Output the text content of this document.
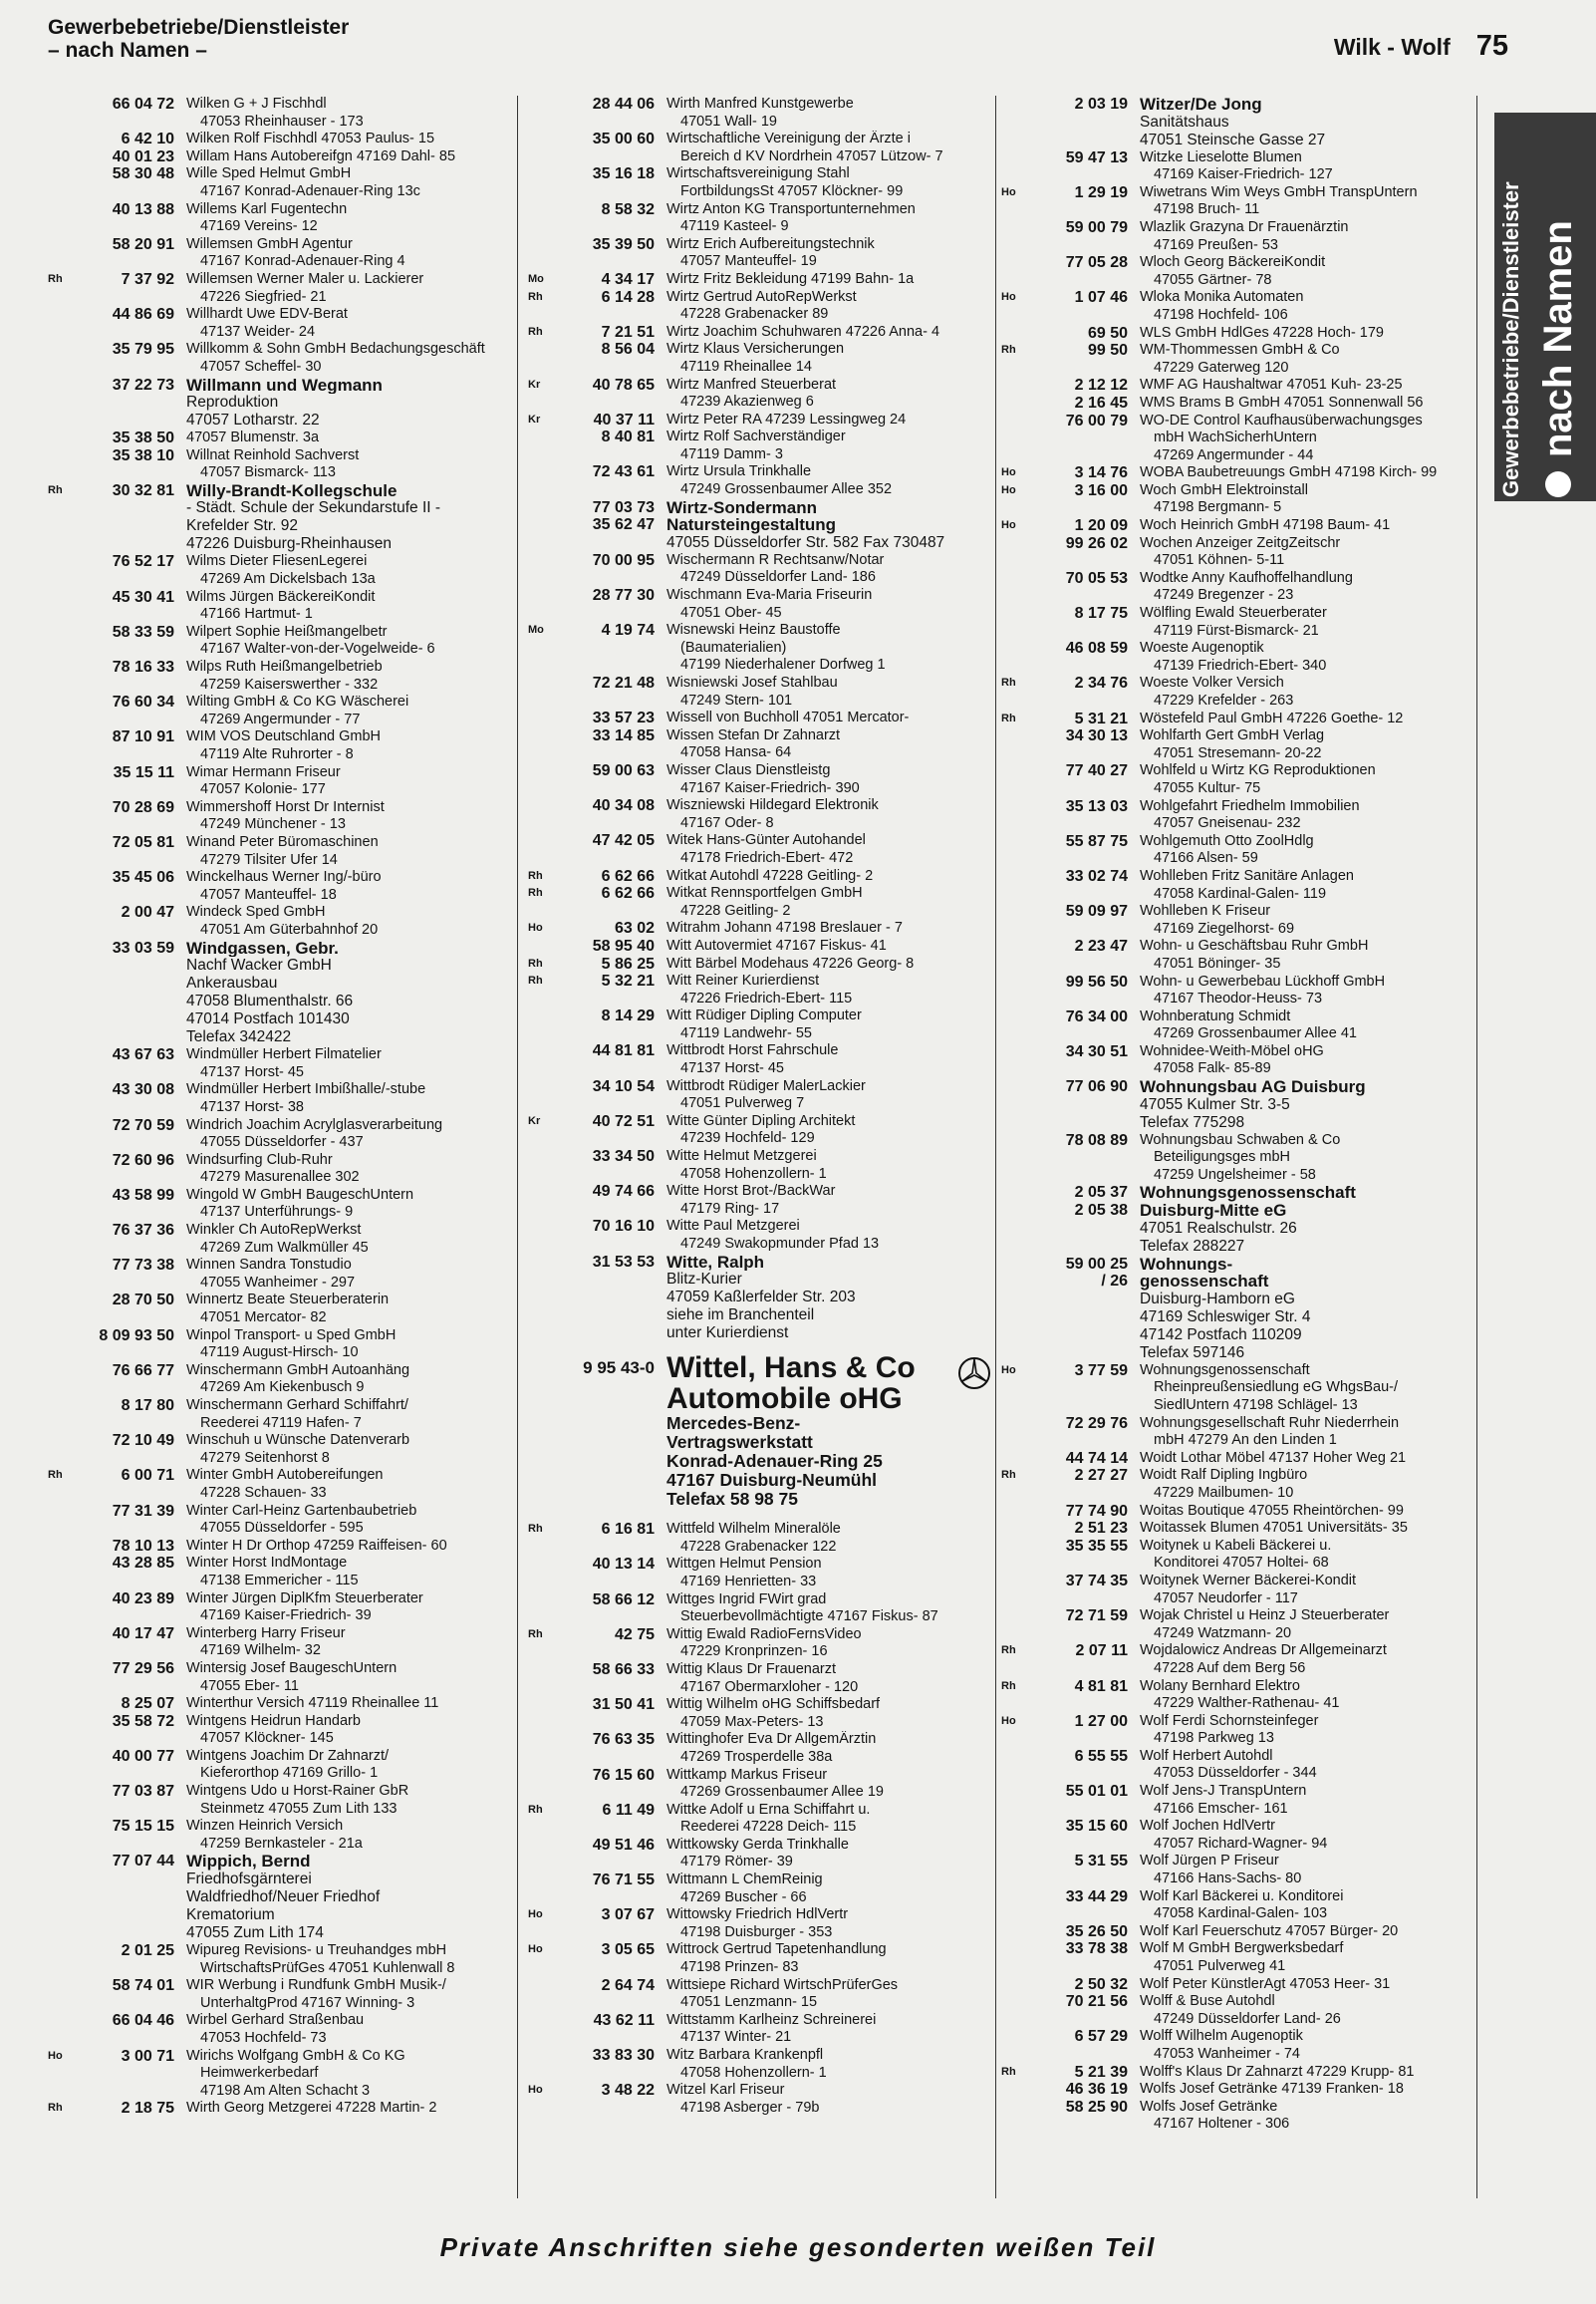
Gewerbebetriebe/Dienstleister
– nach Namen –	Wilk - Wolf 75
66 04 72 Wilken G + J Fischhdl
47053 Rheinhauser - 173
6 42 10 Wilken Rolf Fischhdl 47053 Paulus- 15
40 01 23 Willam Hans Autobereifgn 47169 Dahl- 85
58 30 48 Wille Sped Helmut GmbH
47167 Konrad-Adenauer-Ring 13c
40 13 88 Willems Karl Fugentechn
47169 Vereins- 12
58 20 91 Willemsen GmbH Agentur
47167 Konrad-Adenauer-Ring 4
Rh	7 37 92 Willemsen Werner Maler u. Lackierer
47226 Siegfried- 21
44 86 69 Willhardt Uwe EDV-Berat
47137 Weider- 24
35 79 95 Willkomm & Sohn GmbH Bedachungsgeschäft
47057 Scheffel- 30
37 22 73 Willmann und Wegmann
Reproduktion
47057 Lotharstr. 22
35 38 50 47057 Blumenstr. 3a
35 38 10 Willnat Reinhold Sachverst
47057 Bismarck- 113
Rh	30 32 81 Willy-Brandt-Kollegschule
- Städt. Schule der Sekundarstufe II -
Krefelder Str. 92
47226 Duisburg-Rheinhausen
76 52 17 Wilms Dieter FliesenLegerei
47269 Am Dickelsbach 13a
45 30 41 Wilms Jürgen BäckereiKondit
47166 Hartmut- 1
58 33 59 Wilpert Sophie Heißmangelbetr
47167 Walter-von-der-Vogelweide- 6
78 16 33 Wilps Ruth Heißmangelbetrieb
47259 Kaiserswerther - 332
76 60 34 Wilting GmbH & Co KG Wäscherei
47269 Angermunder - 77
87 10 91 WIM VOS Deutschland GmbH
47119 Alte Ruhrorter - 8
35 15 11 Wimar Hermann Friseur
47057 Kolonie- 177
70 28 69 Wimmershoff Horst Dr Internist
47249 Münchener - 13
72 05 81 Winand Peter Büromaschinen
47279 Tilsiter Ufer 14
35 45 06 Winckelhaus Werner Ing/-büro
47057 Manteuffel- 18
2 00 47 Windeck Sped GmbH
47051 Am Güterbahnhof 20
33 03 59 Windgassen, Gebr.
Nachf Wacker GmbH
Ankerausbau
47058 Blumenthalstr. 66
47014 Postfach 101430
Telefax 342422
43 67 63 Windmüller Herbert Filmatelier
47137 Horst- 45
43 30 08 Windmüller Herbert Imbißhalle/-stube
47137 Horst- 38
72 70 59 Windrich Joachim Acrylglasverarbeitung
47055 Düsseldorfer - 437
72 60 96 Windsurfing Club-Ruhr
47279 Masurenallee 302
43 58 99 Wingold W GmbH BaugeschUntern
47137 Unterführungs- 9
76 37 36 Winkler Ch AutoRepWerkst
47269 Zum Walkmüller 45
77 73 38 Winnen Sandra Tonstudio
47055 Wanheimer - 297
28 70 50 Winnertz Beate Steuerberaterin
47051 Mercator- 82
8 09 93 50 Winpol Transport- u Sped GmbH
47119 August-Hirsch- 10
76 66 77 Winschermann GmbH Autoanhäng
47269 Am Kiekenbusch 9
8 17 80 Winschermann Gerhard Schiffahrt/
Reederei 47119 Hafen- 7
72 10 49 Winschuh u Wünsche Datenverarb
47279 Seitenhorst 8
Rh	6 00 71 Winter GmbH Autobereifungen
47228 Schauen- 33
77 31 39 Winter Carl-Heinz Gartenbaubetrieb
47055 Düsseldorfer - 595
78 10 13 Winter H Dr Orthop 47259 Raiffeisen- 60
43 28 85 Winter Horst IndMontage
47138 Emmericher - 115
40 23 89 Winter Jürgen DiplKfm Steuerberater
47169 Kaiser-Friedrich- 39
40 17 47 Winterberg Harry Friseur
47169 Wilhelm- 32
77 29 56 Wintersig Josef BaugeschUntern
47055 Eber- 11
8 25 07 Winterthur Versich 47119 Rheinallee 11
35 58 72 Wintgens Heidrun Handarb
47057 Klöckner- 145
40 00 77 Wintgens Joachim Dr Zahnarzt/
Kieferorthop 47169 Grillo- 1
77 03 87 Wintgens Udo u Horst-Rainer GbR
Steinmetz 47055 Zum Lith 133
75 15 15 Winzen Heinrich Versich
47259 Bernkasteler - 21a
77 07 44 Wippich, Bernd
Friedhofsgärnterei
Waldfriedhof/Neuer Friedhof
Krematorium
47055 Zum Lith 174
2 01 25 Wipureg Revisions- u Treuhandges mbH
WirtschaftsPrüfGes 47051 Kuhlenwall 8
58 74 01 WIR Werbung i Rundfunk GmbH Musik-/
UnterhaltgProd 47167 Winning- 3
66 04 46 Wirbel Gerhard Straßenbau
47053 Hochfeld- 73
Ho	3 00 71 Wirichs Wolfgang GmbH & Co KG
Heimwerkerbedarf
47198 Am Alten Schacht 3
Rh	2 18 75 Wirth Georg Metzgerei 47228 Martin- 2
28 44 06 Wirth Manfred Kunstgewerbe
47051 Wall- 19
35 00 60 Wirtschaftliche Vereinigung der Ärzte i
Bereich d KV Nordrhein 47057 Lützow- 7
35 16 18 Wirtschaftsvereinigung Stahl
FortbildungsSt 47057 Klöckner- 99
8 58 32 Wirtz Anton KG Transportunternehmen
47119 Kasteel- 9
35 39 50 Wirtz Erich Aufbereitungstechnik
47057 Manteuffel- 19
Mo	4 34 17 Wirtz Fritz Bekleidung 47199 Bahn- 1a
Rh	6 14 28 Wirtz Gertrud AutoRepWerkst
47228 Grabenacker 89
Rh	7 21 51 Wirtz Joachim Schuhwaren 47226 Anna- 4
8 56 04 Wirtz Klaus Versicherungen
47119 Rheinallee 14
Kr	40 78 65 Wirtz Manfred Steuerberat
47239 Akazienweg 6
Kr	40 37 11 Wirtz Peter RA 47239 Lessingweg 24
8 40 81 Wirtz Rolf Sachverständiger
47119 Damm- 3
72 43 61 Wirtz Ursula Trinkhalle
47249 Grossenbaumer Allee 352
77 03 73 Wirtz-Sondermann
35 62 47 Natursteingestaltung
47055 Düsseldorfer Str. 582 Fax 730487
70 00 95 Wischermann R Rechtsanw/Notar
47249 Düsseldorfer Land- 186
28 77 30 Wischmann Eva-Maria Friseurin
47051 Ober- 45
Mo	4 19 74 Wisnewski Heinz Baustoffe
(Baumaterialien)
47199 Niederhalener Dorfweg 1
72 21 48 Wisniewski Josef Stahlbau
47249 Stern- 101
33 57 23 Wissell von Buchholl 47051 Mercator-
33 14 85 Wissen Stefan Dr Zahnarzt
47058 Hansa- 64
59 00 63 Wisser Claus Dienstleistg
47167 Kaiser-Friedrich- 390
40 34 08 Wiszniewski Hildegard Elektronik
47167 Oder- 8
47 42 05 Witek Hans-Günter Autohandel
47178 Friedrich-Ebert- 472
Rh	6 62 66 Witkat Autohdl 47228 Geitling- 2
Rh	6 62 66 Witkat Rennsportfelgen GmbH
47228 Geitling- 2
Ho	63 02 Witrahm Johann 47198 Breslauer - 7
58 95 40 Witt Autovermiet 47167 Fiskus- 41
Rh	5 86 25 Witt Bärbel Modehaus 47226 Georg- 8
Rh	5 32 21 Witt Reiner Kurierdienst
47226 Friedrich-Ebert- 115
8 14 29 Witt Rüdiger Dipling Computer
47119 Landwehr- 55
44 81 81 Wittbrodt Horst Fahrschule
47137 Horst- 45
34 10 54 Wittbrodt Rüdiger MalerLackier
47051 Pulverweg 7
Kr	40 72 51 Witte Günter Dipling Architekt
47239 Hochfeld- 129
33 34 50 Witte Helmut Metzgerei
47058 Hohenzollern- 1
49 74 66 Witte Horst Brot-/BackWar
47179 Ring- 17
70 16 10 Witte Paul Metzgerei
47249 Swakopmunder Pfad 13
31 53 53 Witte, Ralph
Blitz-Kurier
47059 Kaßlerfelder Str. 203
siehe im Branchenteil
unter Kurierdienst
9 95 43-0 Wittel, Hans & Co
Automobile oHG
Mercedes-Benz-
Vertragswerkstatt
Konrad-Adenauer-Ring 25
47167 Duisburg-Neumühl
Telefax 58 98 75
Rh	6 16 81 Wittfeld Wilhelm Mineralöle
47228 Grabenacker 122
40 13 14 Wittgen Helmut Pension
47169 Henrietten- 33
58 66 12 Wittges Ingrid FWirt grad
Steuerbevollmächtigte 47167 Fiskus- 87
Rh	42 75 Wittig Ewald RadioFernsVideo
47229 Kronprinzen- 16
58 66 33 Wittig Klaus Dr Frauenarzt
47167 Obermarxloher - 120
31 50 41 Wittig Wilhelm oHG Schiffsbedarf
47059 Max-Peters- 13
76 63 35 Wittinghofer Eva Dr AllgemÄrztin
47269 Trosperdelle 38a
76 15 60 Wittkamp Markus Friseur
47269 Grossenbaumer Allee 19
Rh	6 11 49 Wittke Adolf u Erna Schiffahrt u.
Reederei 47228 Deich- 115
49 51 46 Wittkowsky Gerda Trinkhalle
47179 Römer- 39
76 71 55 Wittmann L ChemReinig
47269 Buscher - 66
Ho	3 07 67 Wittowsky Friedrich HdlVertr
47198 Duisburger - 353
Ho	3 05 65 Wittrock Gertrud Tapetenhandlung
47198 Prinzen- 83
2 64 74 Wittsiepe Richard WirtschPrüferGes
47051 Lenzmann- 15
43 62 11 Wittstamm Karlheinz Schreinerei
47137 Winter- 21
33 83 30 Witz Barbara Krankenpfl
47058 Hohenzollern- 1
Ho	3 48 22 Witzel Karl Friseur
47198 Asberger - 79b
2 03 19 Witzer/De Jong
Sanitätshaus
47051 Steinsche Gasse 27
59 47 13 Witzke Lieselotte Blumen
47169 Kaiser-Friedrich- 127
Ho	1 29 19 Wiwetrans Wim Weys GmbH TranspUntern
47198 Bruch- 11
59 00 79 Wlazlik Grazyna Dr Frauenärztin
47169 Preußen- 53
77 05 28 Wloch Georg BäckereiKondit
47055 Gärtner- 78
Ho	1 07 46 Wloka Monika Automaten
47198 Hochfeld- 106
69 50 WLS GmbH HdlGes 47228 Hoch- 179
Rh	99 50 WM-Thommessen GmbH & Co
47229 Gaterweg 120
2 12 12 WMF AG Haushaltwar 47051 Kuh- 23-25
2 16 45 WMS Brams B GmbH 47051 Sonnenwall 56
76 00 79 WO-DE Control Kaufhausüberwachungsges
mbH WachSicherhUntern
47269 Angermunder - 44
Ho	3 14 76 WOBA Baubetreuungs GmbH 47198 Kirch- 99
Ho	3 16 00 Woch GmbH Elektroinstall
47198 Bergmann- 5
Ho	1 20 09 Woch Heinrich GmbH 47198 Baum- 41
99 26 02 Wochen Anzeiger ZeitgZeitschr
47051 Köhnen- 5-11
70 05 53 Wodtke Anny Kaufhoffelhandlung
47249 Bregenzer - 23
8 17 75 Wölfling Ewald Steuerberater
47119 Fürst-Bismarck- 21
46 08 59 Woeste Augenoptik
47139 Friedrich-Ebert- 340
Rh	2 34 76 Woeste Volker Versich
47229 Krefelder - 263
Rh	5 31 21 Wöstefeld Paul GmbH 47226 Goethe- 12
34 30 13 Wohlfarth Gert GmbH Verlag
47051 Stresemann- 20-22
77 40 27 Wohlfeld u Wirtz KG Reproduktionen
47055 Kultur- 75
35 13 03 Wohlgefahrt Friedhelm Immobilien
47057 Gneisenau- 232
55 87 75 Wohlgemuth Otto ZoolHdlg
47166 Alsen- 59
33 02 74 Wohlleben Fritz Sanitäre Anlagen
47058 Kardinal-Galen- 119
59 09 97 Wohlleben K Friseur
47169 Ziegelhorst- 69
2 23 47 Wohn- u Geschäftsbau Ruhr GmbH
47051 Böninger- 35
99 56 50 Wohn- u Gewerbebau Lückhoff GmbH
47167 Theodor-Heuss- 73
76 34 00 Wohnberatung Schmidt
47269 Grossenbaumer Allee 41
34 30 51 Wohnidee-Weith-Möbel oHG
47058 Falk- 85-89
77 06 90 Wohnungsbau AG Duisburg
47055 Kulmer Str. 3-5
Telefax 775298
78 08 89 Wohnungsbau Schwaben & Co
Beteiligungsges mbH
47259 Ungelsheimer - 58
2 05 37 Wohnungsgenossenschaft
2 05 38 Duisburg-Mitte eG
47051 Realschulstr. 26
Telefax 288227
59 00 25 Wohnungs-
/ 26 genossenschaft
Duisburg-Hamborn eG
47169 Schleswiger Str. 4
47142 Postfach 110209
Telefax 597146
Ho	3 77 59 Wohnungsgenossenschaft
Rheinpreußensiedlung eG WhgsBau-/
SiedlUntern 47198 Schlägel- 13
72 29 76 Wohnungsgesellschaft Ruhr Niederrhein
mbH 47279 An den Linden 1
44 74 14 Woidt Lothar Möbel 47137 Hoher Weg 21
Rh	2 27 27 Woidt Ralf Dipling Ingbüro
47229 Mailbumen- 10
77 74 90 Woitas Boutique 47055 Rheintörchen- 99
2 51 23 Woitassek Blumen 47051 Universitäts- 35
35 35 55 Woitynek u Kabeli Bäckerei u.
Konditorei 47057 Holtei- 68
37 74 35 Woitynek Werner Bäckerei-Kondit
47057 Neudorfer - 117
72 71 59 Wojak Christel u Heinz J Steuerberater
47249 Watzmann- 20
Rh	2 07 11 Wojdalowicz Andreas Dr Allgemeinarzt
47228 Auf dem Berg 56
Rh	4 81 81 Wolany Bernhard Elektro
47229 Walther-Rathenau- 41
Ho	1 27 00 Wolf Ferdi Schornsteinfeger
47198 Parkweg 13
6 55 55 Wolf Herbert Autohdl
47053 Düsseldorfer - 344
55 01 01 Wolf Jens-J TranspUntern
47166 Emscher- 161
35 15 60 Wolf Jochen HdlVertr
47057 Richard-Wagner- 94
5 31 55 Wolf Jürgen P Friseur
47166 Hans-Sachs- 80
33 44 29 Wolf Karl Bäckerei u. Konditorei
47058 Kardinal-Galen- 103
35 26 50 Wolf Karl Feuerschutz 47057 Bürger- 20
33 78 38 Wolf M GmbH Bergwerksbedarf
47051 Pulverweg 41
2 50 32 Wolf Peter KünstlerAgt 47053 Heer- 31
70 21 56 Wolff & Buse Autohdl
47249 Düsseldorfer Land- 26
6 57 29 Wolff Wilhelm Augenoptik
47053 Wanheimer - 74
Rh	5 21 39 Wolff's Klaus Dr Zahnarzt 47229 Krupp- 81
46 36 19 Wolfs Josef Getränke 47139 Franken- 18
58 25 90 Wolfs Josef Getränke
47167 Holtener - 306
Gewerbebetriebe/Dienstleister nach Namen
Private Anschriften siehe gesonderten weißen Teil
